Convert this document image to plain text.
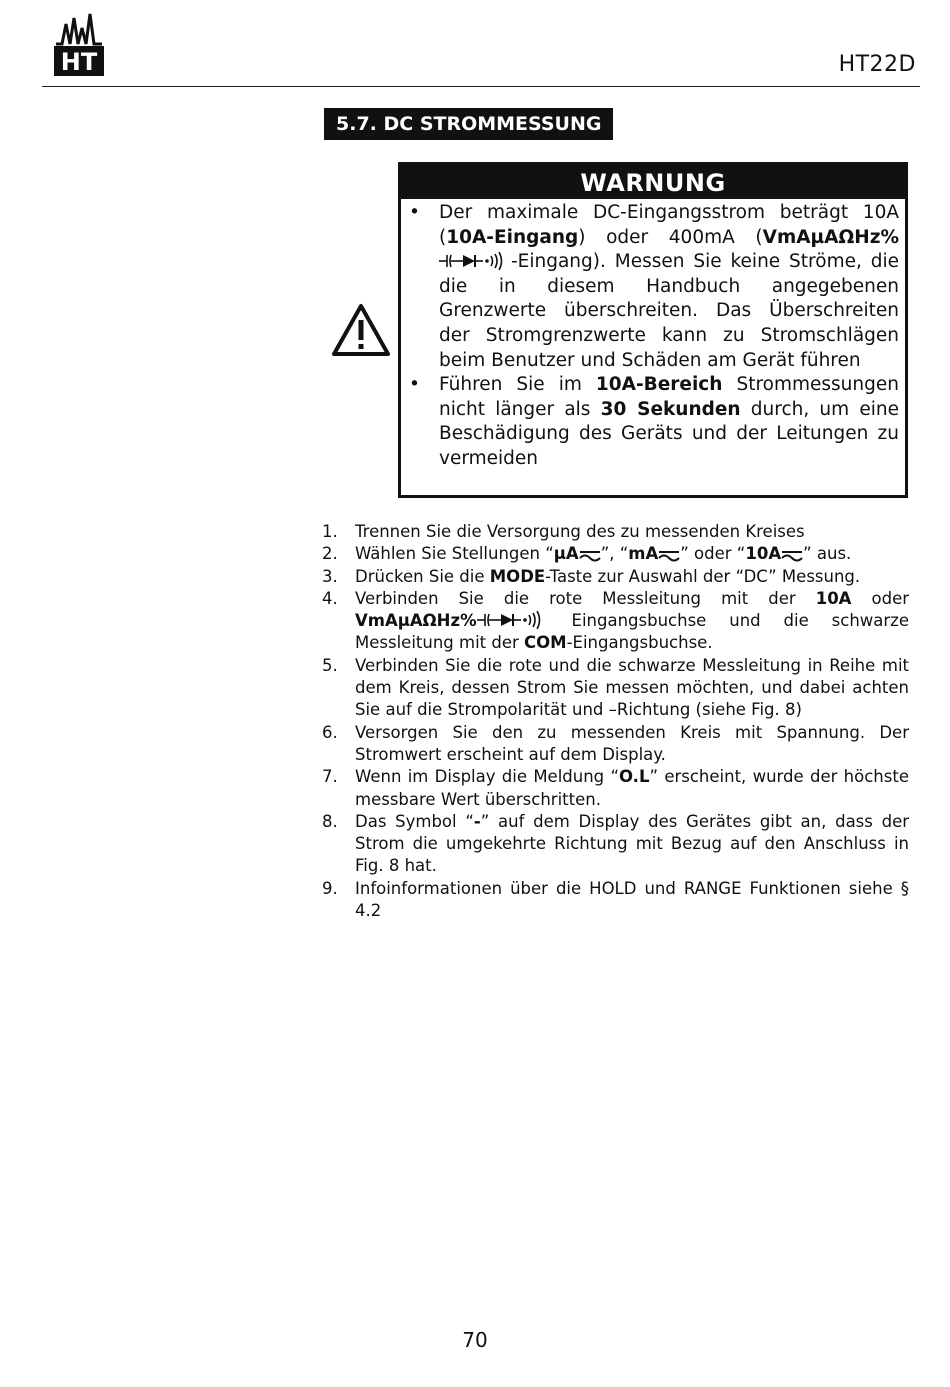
HT	HT22D
5.7. DC STROMMESSUNG
WARNUNG
• Der maximale DC-Eingangsstrom beträgt 10A (10A-Eingang) oder 400mA (VmAµAΩHz%-Eingang). Messen Sie keine Ströme, die die in diesem Handbuch angegebenen Grenzwerte überschreiten. Das Überschreiten der Stromgrenzwerte kann zu Stromschlägen beim Benutzer und Schäden am Gerät führen
• Führen Sie im 10A-Bereich Strommessungen nicht länger als 30 Sekunden durch, um eine Beschädigung des Geräts und der Leitungen zu vermeiden
1. Trennen Sie die Versorgung des zu messenden Kreises
2. Wählen Sie Stellungen “µA ”, “mA ” oder “10A ” aus.
3. Drücken Sie die MODE-Taste zur Auswahl der “DC” Messung.
4. Verbinden Sie die rote Messleitung mit der 10A oder VmAµAΩHz%	Eingangsbuchse und die schwarze Messleitung mit der COM-Eingangsbuchse.
5. Verbinden Sie die rote und die schwarze Messleitung in Reihe mit dem Kreis, dessen Strom Sie messen möchten, und dabei achten Sie auf die Strompolarität und –Richtung (siehe Fig. 8)
6. Versorgen Sie den zu messenden Kreis mit Spannung. Der Stromwert erscheint auf dem Display.
7. Wenn im Display die Meldung “O.L” erscheint, wurde der höchste messbare Wert überschritten.
8. Das Symbol “-” auf dem Display des Gerätes gibt an, dass der Strom die umgekehrte Richtung mit Bezug auf den Anschluss in Fig. 8 hat.
9. Infoinformationen über die HOLD und RANGE Funktionen siehe § 4.2
70
